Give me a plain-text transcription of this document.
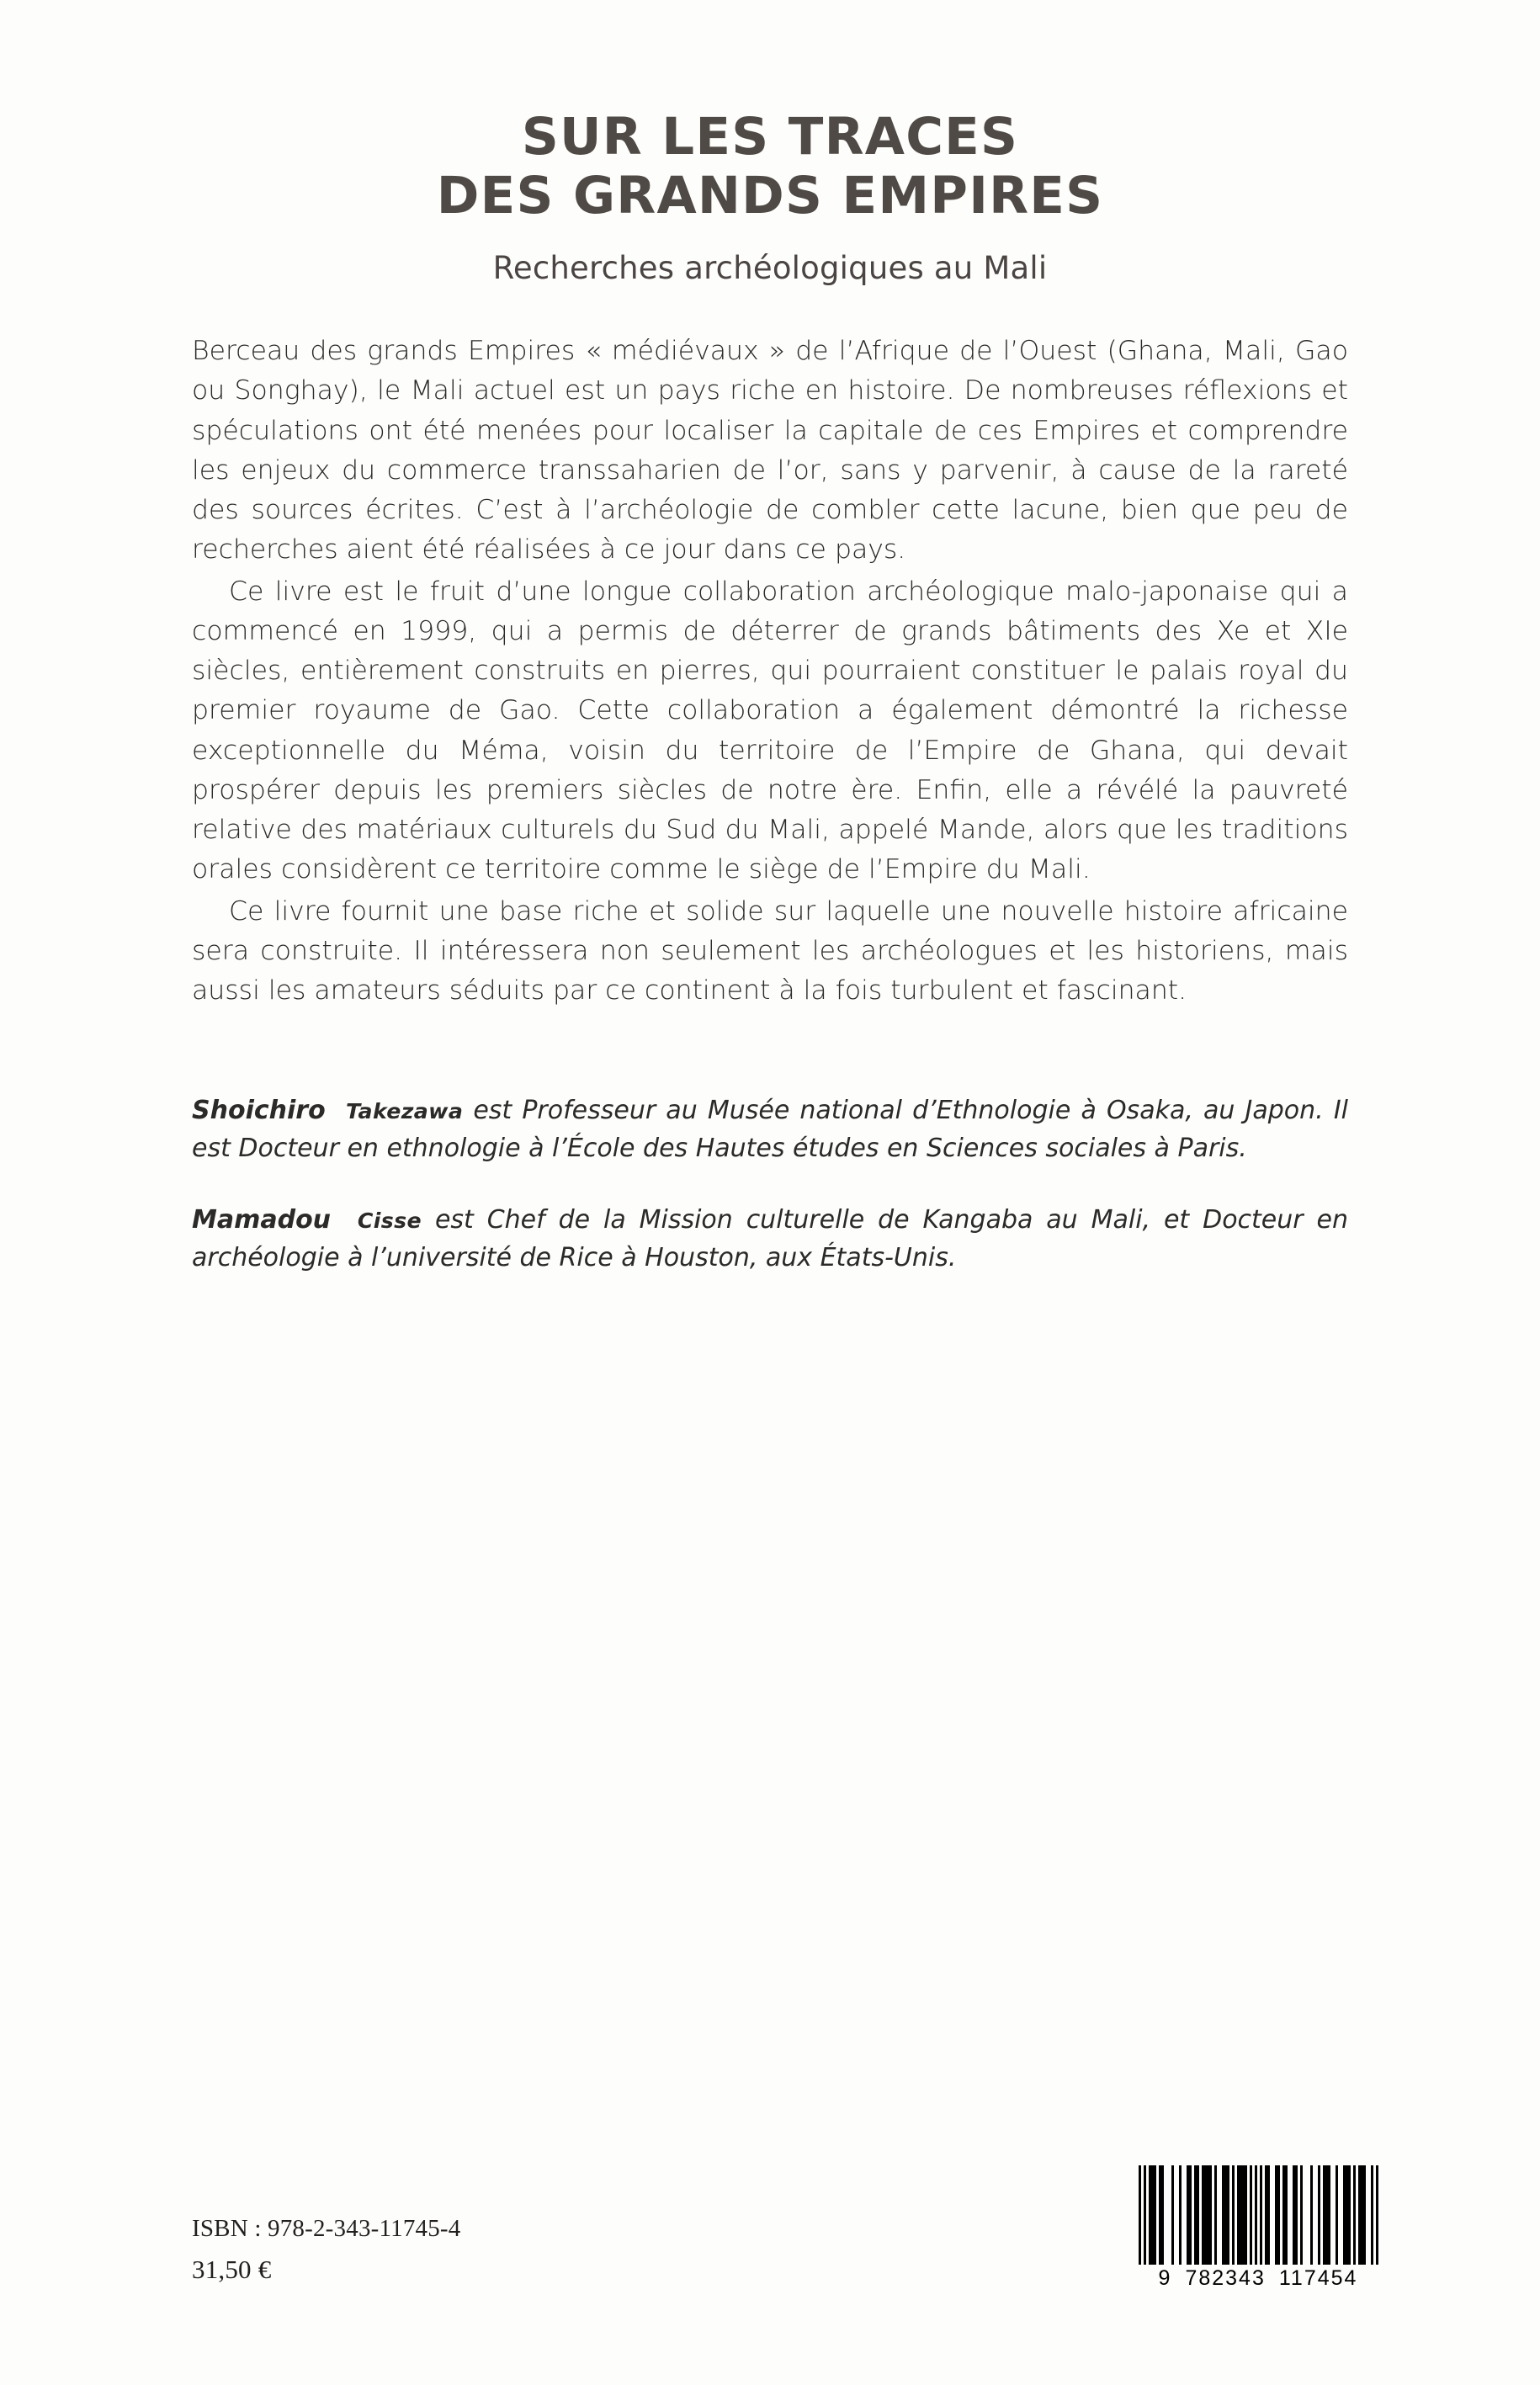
SUR LES TRACES
DES GRANDS EMPIRES
Recherches archéologiques au Mali

Berceau des grands Empires « médiévaux » de l’Afrique de l’Ouest (Ghana, Mali, Gao ou Songhay), le Mali actuel est un pays riche en histoire. De nombreuses réflexions et spéculations ont été menées pour localiser la capitale de ces Empires et comprendre les enjeux du commerce transsaharien de l’or, sans y parvenir, à cause de la rareté des sources écrites. C’est à l’archéologie de combler cette lacune, bien que peu de recherches aient été réalisées à ce jour dans ce pays.

Ce livre est le fruit d’une longue collaboration archéologique malo-japonaise qui a commencé en 1999, qui a permis de déterrer de grands bâtiments des Xe et XIe siècles, entièrement construits en pierres, qui pourraient constituer le palais royal du premier royaume de Gao. Cette collaboration a également démontré la richesse exceptionnelle du Méma, voisin du territoire de l’Empire de Ghana, qui devait prospérer depuis les premiers siècles de notre ère. Enfin, elle a révélé la pauvreté relative des matériaux culturels du Sud du Mali, appelé Mande, alors que les traditions orales considèrent ce territoire comme le siège de l’Empire du Mali.

Ce livre fournit une base riche et solide sur laquelle une nouvelle histoire africaine sera construite. Il intéressera non seulement les archéologues et les historiens, mais aussi les amateurs séduits par ce continent à la fois turbulent et fascinant.

Shoichiro Takezawa est Professeur au Musée national d’Ethnologie à Osaka, au Japon. Il est Docteur en ethnologie à l’École des Hautes études en Sciences sociales à Paris.

Mamadou Cisse est Chef de la Mission culturelle de Kangaba au Mali, et Docteur en archéologie à l’université de Rice à Houston, aux États-Unis.

ISBN : 978-2-343-11745-4
31,50 €	9 782343 117454
